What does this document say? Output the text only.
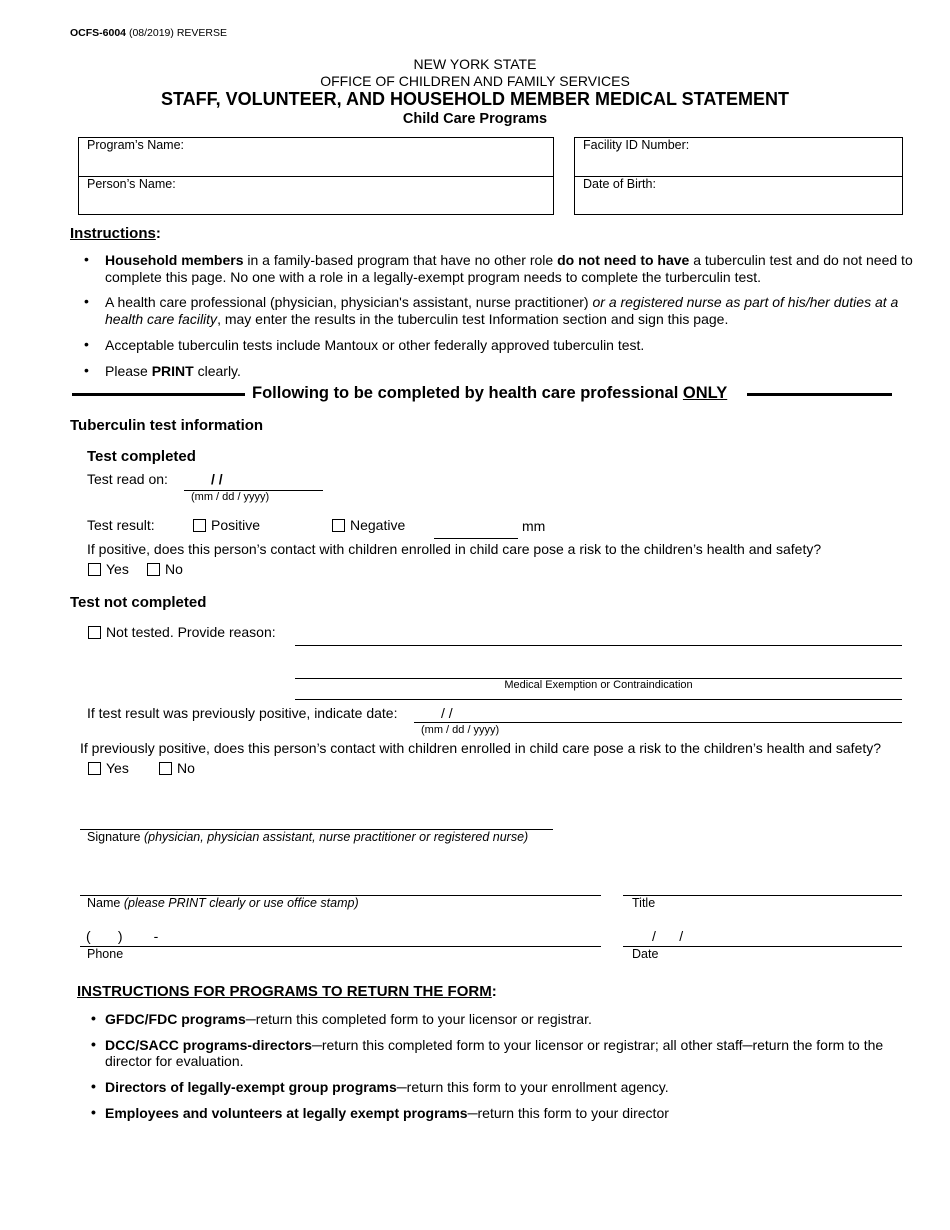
OCFS-6004 (08/2019) REVERSE
NEW YORK STATE
OFFICE OF CHILDREN AND FAMILY SERVICES
STAFF, VOLUNTEER, AND HOUSEHOLD MEMBER MEDICAL STATEMENT
Child Care Programs
Program’s Name:
Person’s Name:
Facility ID Number:
Date of Birth:
Instructions:
• Household members in a family-based program that have no other role do not need to have a tuberculin test and do not need to complete this page. No one with a role in a legally-exempt program needs to complete the turberculin test.
• A health care professional (physician, physician's assistant, nurse practitioner) or a registered nurse as part of his/her duties at a health care facility, may enter the results in the tuberculin test Information section and sign this page.
• Acceptable tuberculin tests include Mantoux or other federally approved tuberculin test.
• Please PRINT clearly.
Following to be completed by health care professional ONLY
Tuberculin test information
Test completed
Test read on:	/ /
(mm / dd / yyyy)
Test result:	Positive	Negative	mm
If positive, does this person’s contact with children enrolled in child care pose a risk to the children’s health and safety?
Yes	No
Test not completed
Not tested. Provide reason:
Medical Exemption or Contraindication
If test result was previously positive, indicate date:	/ /
(mm / dd / yyyy)
If previously positive, does this person’s contact with children enrolled in child care pose a risk to the children’s health and safety?
Yes	No
Signature (physician, physician assistant, nurse practitioner or registered nurse)
Name (please PRINT clearly or use office stamp)	Title
(       )        -
Phone
/      /
Date
INSTRUCTIONS FOR PROGRAMS TO RETURN THE FORM:
• GFDC/FDC programs─return this completed form to your licensor or registrar.
• DCC/SACC programs-directors─return this completed form to your licensor or registrar; all other staff─return the form to the director for evaluation.
• Directors of legally-exempt group programs─return this form to your enrollment agency.
• Employees and volunteers at legally exempt programs─return this form to your director
